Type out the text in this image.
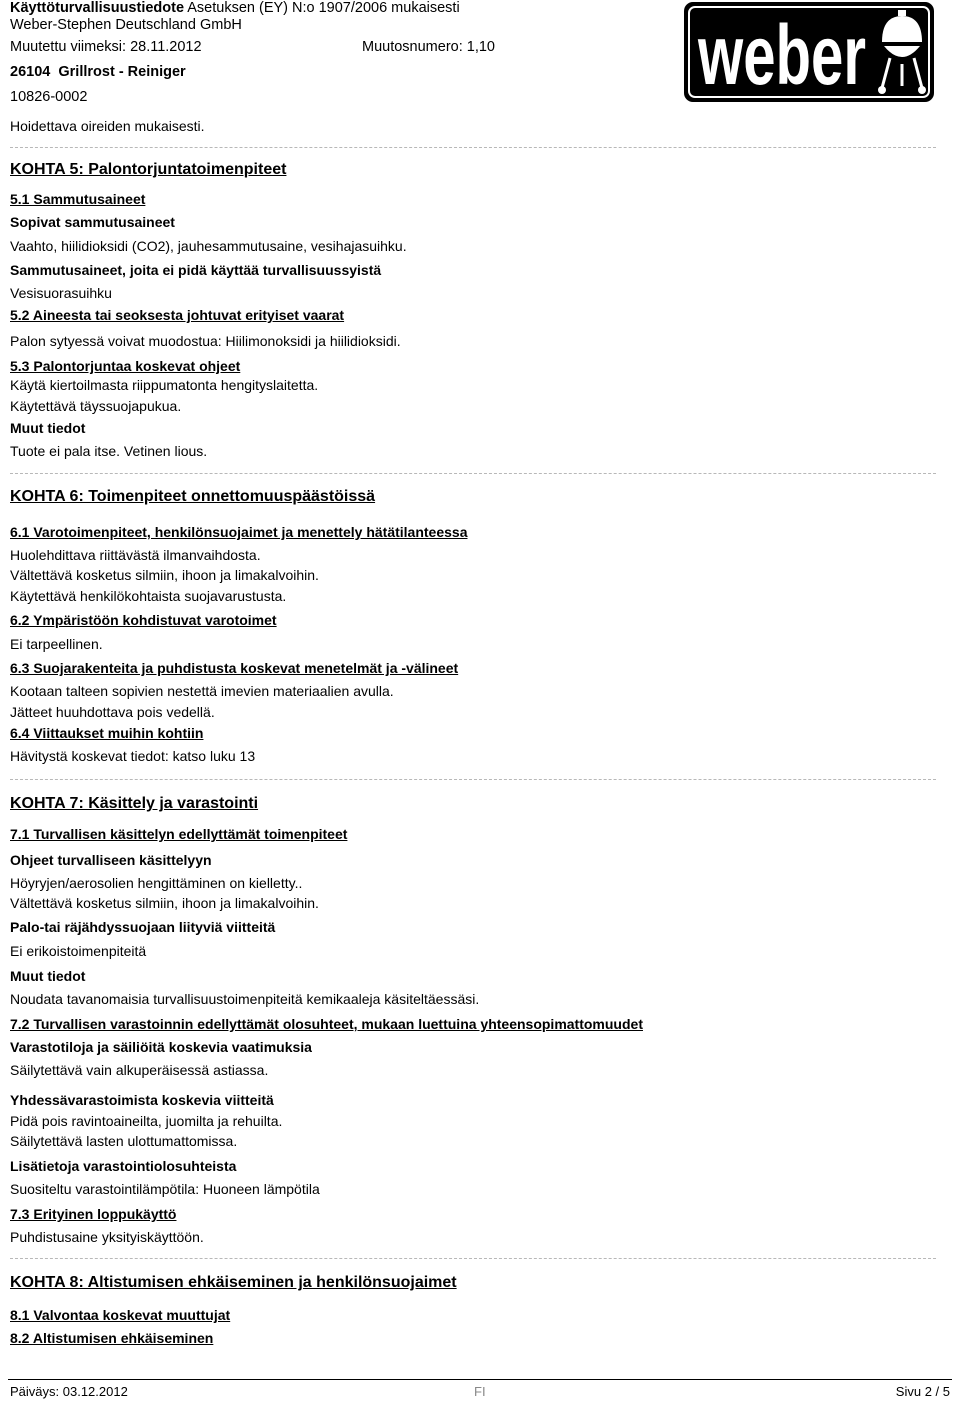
Käyttöturvallisuustiedote Asetuksen (EY) N:o 1907/2006 mukaisesti
Weber-Stephen Deutschland GmbH
Muutettu viimeksi: 28.11.2012	Muutosnumero: 1,10
26104 Grillrost - Reiniger
10826-0002	weber
Hoidettava oireiden mukaisesti.
KOHTA 5: Palontorjuntatoimenpiteet
5.1 Sammutusaineet
Sopivat sammutusaineet
Vaahto, hiilidioksidi (CO2), jauhesammutusaine, vesihajasuihku.
Sammutusaineet, joita ei pidä käyttää turvallisuussyistä
Vesisuorasuihku
5.2 Aineesta tai seoksesta johtuvat erityiset vaarat
Palon sytyessä voivat muodostua: Hiilimonoksidi ja hiilidioksidi.
5.3 Palontorjuntaa koskevat ohjeet
Käytä kiertoilmasta riippumatonta hengityslaitetta.
Käytettävä täyssuojapukua.
Muut tiedot
Tuote ei pala itse. Vetinen lious.
KOHTA 6: Toimenpiteet onnettomuuspäästöissä
6.1 Varotoimenpiteet, henkilönsuojaimet ja menettely hätätilanteessa
Huolehdittava riittävästä ilmanvaihdosta.
Vältettävä kosketus silmiin, ihoon ja limakalvoihin.
Käytettävä henkilökohtaista suojavarustusta.
6.2 Ympäristöön kohdistuvat varotoimet
Ei tarpeellinen.
6.3 Suojarakenteita ja puhdistusta koskevat menetelmät ja -välineet
Kootaan talteen sopivien nestettä imevien materiaalien avulla.
Jätteet huuhdottava pois vedellä.
6.4 Viittaukset muihin kohtiin
Hävitystä koskevat tiedot: katso luku 13
KOHTA 7: Käsittely ja varastointi
7.1 Turvallisen käsittelyn edellyttämät toimenpiteet
Ohjeet turvalliseen käsittelyyn
Höyryjen/aerosolien hengittäminen on kielletty..
Vältettävä kosketus silmiin, ihoon ja limakalvoihin.
Palo-tai räjähdyssuojaan liityviä viitteitä
Ei erikoistoimenpiteitä
Muut tiedot
Noudata tavanomaisia turvallisuustoimenpiteitä kemikaaleja käsiteltäessäsi.
7.2 Turvallisen varastoinnin edellyttämät olosuhteet, mukaan luettuina yhteensopimattomuudet
Varastotiloja ja säiliöitä koskevia vaatimuksia
Säilytettävä vain alkuperäisessä astiassa.
Yhdessävarastoimista koskevia viitteitä
Pidä pois ravintoaineilta, juomilta ja rehuilta.
Säilytettävä lasten ulottumattomissa.
Lisätietoja varastointiolosuhteista
Suositeltu varastointilämpötila: Huoneen lämpötila
7.3 Erityinen loppukäyttö
Puhdistusaine yksityiskäyttöön.
KOHTA 8: Altistumisen ehkäiseminen ja henkilönsuojaimet
8.1 Valvontaa koskevat muuttujat
8.2 Altistumisen ehkäiseminen
Päiväys: 03.12.2012	FI	Sivu 2 / 5
